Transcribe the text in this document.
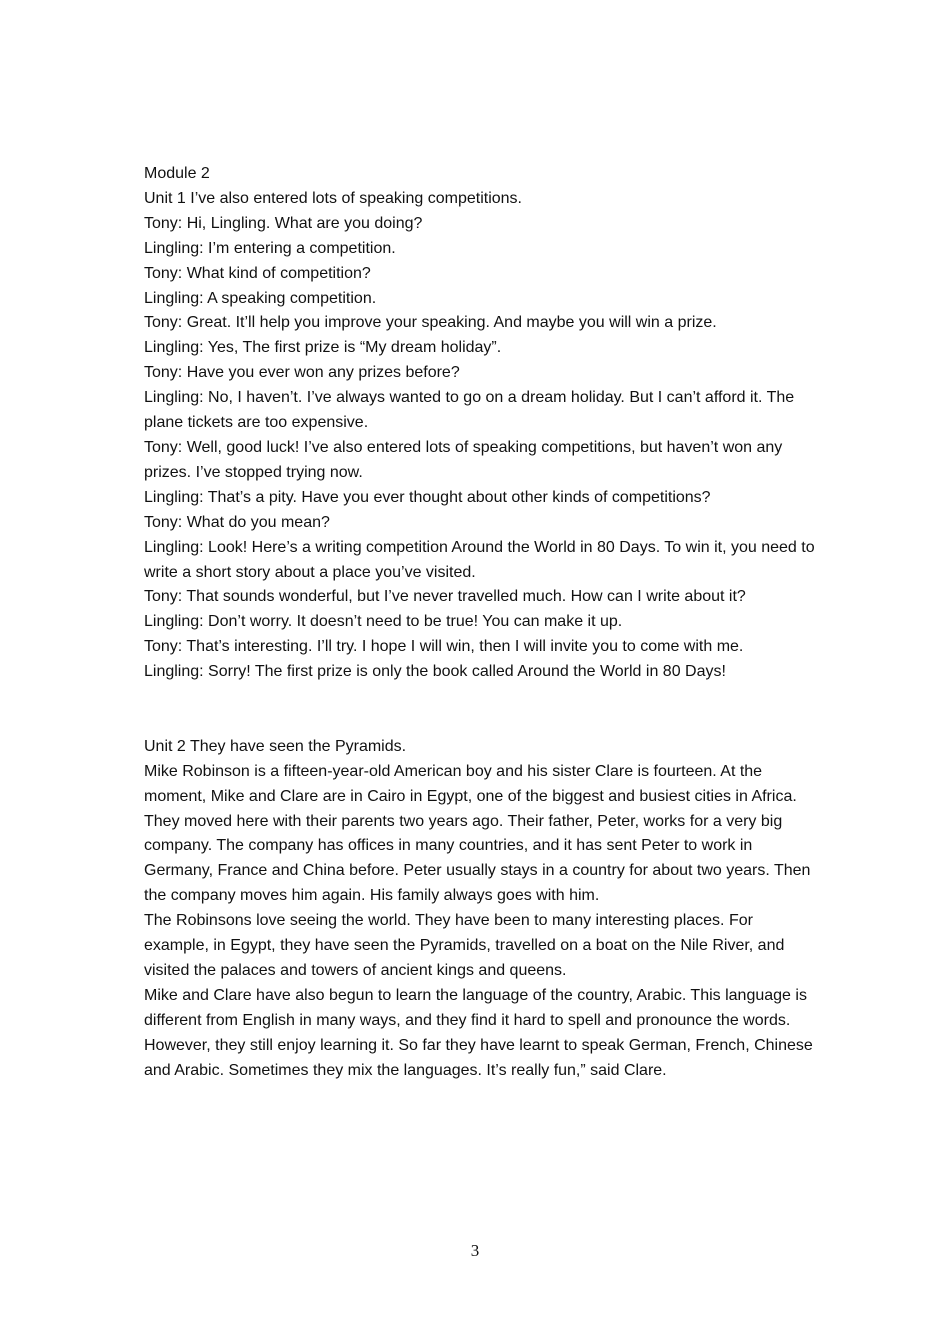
Module 2
Unit 1 I’ve also entered lots of speaking competitions.
Tony: Hi, Lingling. What are you doing?
Lingling: I’m entering a competition.
Tony: What kind of competition?
Lingling: A speaking competition.
Tony: Great. It’ll help you improve your speaking. And maybe you will win a prize.
Lingling: Yes, The first prize is “My dream holiday”.
Tony: Have you ever won any prizes before?
Lingling: No, I haven’t. I’ve always wanted to go on a dream holiday. But I can’t afford it. The plane tickets are too expensive.
Tony: Well, good luck! I’ve also entered lots of speaking competitions, but haven’t won any prizes. I’ve stopped trying now.
Lingling: That’s a pity. Have you ever thought about other kinds of competitions?
Tony: What do you mean?
Lingling: Look! Here’s a writing competition Around the World in 80 Days. To win it, you need to write a short story about a place you’ve visited.
Tony: That sounds wonderful, but I’ve never travelled much. How can I write about it?
Lingling: Don’t worry. It doesn’t need to be true! You can make it up.
Tony: That’s interesting. I’ll try. I hope I will win, then I will invite you to come with me.
Lingling: Sorry! The first prize is only the book called Around the World in 80 Days!
Unit 2 They have seen the Pyramids.
Mike Robinson is a fifteen-year-old American boy and his sister Clare is fourteen. At the moment, Mike and Clare are in Cairo in Egypt, one of the biggest and busiest cities in Africa.
They moved here with their parents two years ago. Their father, Peter, works for a very big company. The company has offices in many countries, and it has sent Peter to work in Germany, France and China before. Peter usually stays in a country for about two years. Then the company moves him again. His family always goes with him.
The Robinsons love seeing the world. They have been to many interesting places. For example, in Egypt, they have seen the Pyramids, travelled on a boat on the Nile River, and visited the palaces and towers of ancient kings and queens.
Mike and Clare have also begun to learn the language of the country, Arabic. This language is different from English in many ways, and they find it hard to spell and pronounce the words. However, they still enjoy learning it. So far they have learnt to speak German, French, Chinese and Arabic. Sometimes they mix the languages. It’s really fun,” said Clare.
3
